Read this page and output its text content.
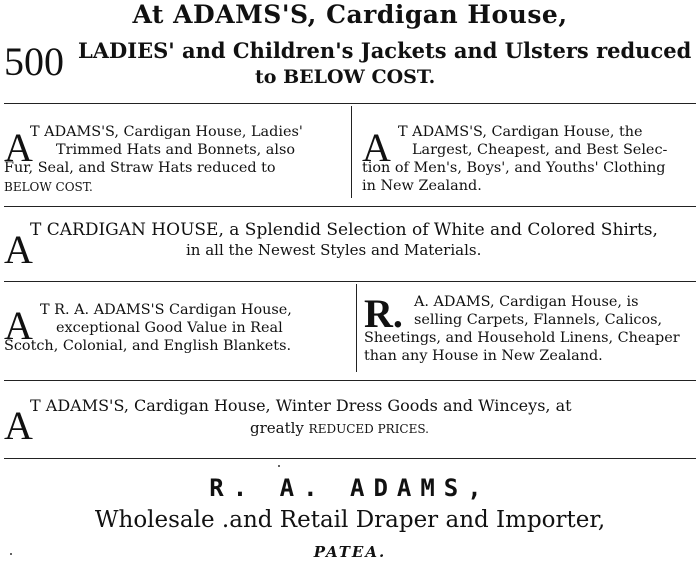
At ADAMS'S, Cardigan House,
500 LADIES' and Children's Jackets and Ulsters reduced
to BELOW COST.
A
T ADAMS'S, Cardigan House, Ladies'
Trimmed Hats and Bonnets, also
Fur, Seal, and Straw Hats reduced to
BELOW COST.
A T ADAMS'S, Cardigan House, the
Largest, Cheapest, and Best Selec-
tion of Men's, Boys', and Youths' Clothing
in New Zealand.
A
T CARDIGAN HOUSE, a Splendid Selection of White and Colored Shirts,
in all the Newest Styles and Materials.
A T R. A. ADAMS'S Cardigan House,
exceptional Good Value in Real
Scotch, Colonial, and English Blankets.
R. A. ADAMS, Cardigan House, is
selling Carpets, Flannels, Calicos,
Sheetings, and Household Linens, Cheaper
than any House in New Zealand.
A
T ADAMS'S, Cardigan House, Winter Dress Goods and Winceys, at
greatly REDUCED PRICES.
R. A. ADAMS,
Wholesale .and Retail Draper and Importer,
PATEA.
